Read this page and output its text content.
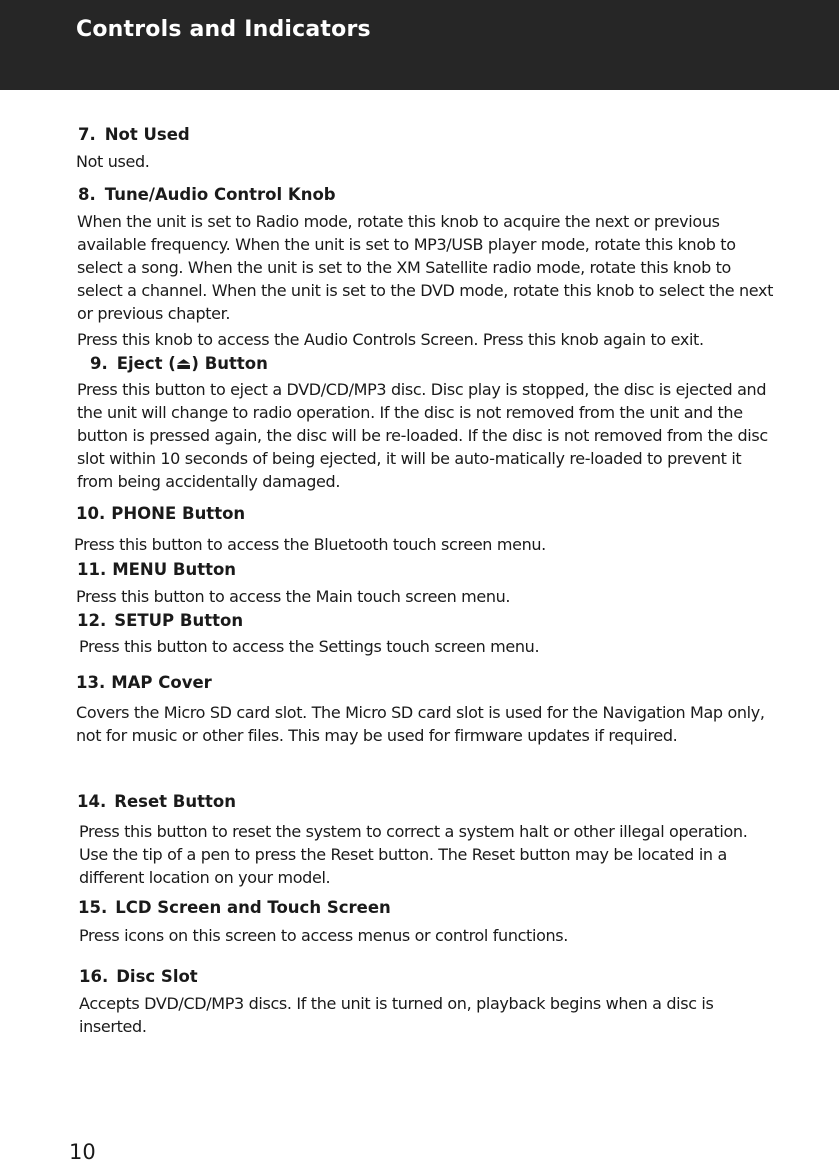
Controls and Indicators
7. Not Used

Not used.

8. Tune/Audio Control Knob

When the unit is set to Radio mode, rotate this knob to acquire the next or previous available frequency. When the unit is set to MP3/USB player mode, rotate this knob to select a song. When the unit is set to the XM Satellite radio mode, rotate this knob to select a channel. When the unit is set to the DVD mode, rotate this knob to select the next or previous chapter.

Press this knob to access the Audio Controls Screen. Press this knob again to exit.

9. Eject (⏏) Button

Press this button to eject a DVD/CD/MP3 disc. Disc play is stopped, the disc is ejected and the unit will change to radio operation. If the disc is not removed from the unit and the button is pressed again, the disc will be re-loaded. If the disc is not removed from the disc slot within 10 seconds of being ejected, it will be auto-matically re-loaded to prevent it from being accidentally damaged.

10. PHONE Button

Press this button to access the Bluetooth touch screen menu.

11. MENU Button

Press this button to access the Main touch screen menu.

12. SETUP Button

Press this button to access the Settings touch screen menu.

13. MAP Cover

Covers the Micro SD card slot. The Micro SD card slot is used for the Navigation Map only, not for music or other files. This may be used for firmware updates if required.

14. Reset Button

Press this button to reset the system to correct a system halt or other illegal operation. Use the tip of a pen to press the Reset button. The Reset button may be located in a different location on your model.

15. LCD Screen and Touch Screen

Press icons on this screen to access menus or control functions.

16. Disc Slot

Accepts DVD/CD/MP3 discs. If the unit is turned on, playback begins when a disc is inserted.

10
